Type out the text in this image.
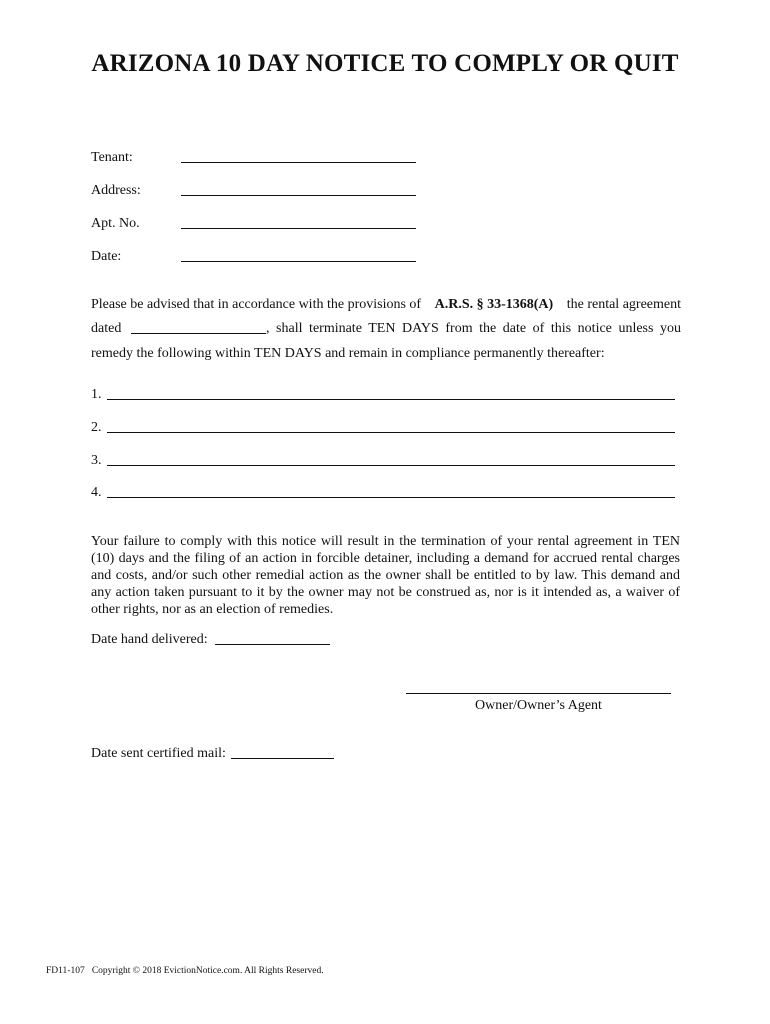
ARIZONA 10 DAY NOTICE TO COMPLY OR QUIT
Tenant:
Address:
Apt. No.
Date:
Please be advised that in accordance with the provisions of A.R.S. § 33-1368(A) the rental agreement
dated	, shall terminate TEN DAYS from the date of this notice unless you
remedy the following within TEN DAYS and remain in compliance permanently thereafter:
1.
2.
3.
4.
Your failure to comply with this notice will result in the termination of your rental agreement in TEN (10) days and the filing of an action in forcible detainer, including a demand for accrued rental charges and costs, and/or such other remedial action as the owner shall be entitled to by law. This demand and any action taken pursuant to it by the owner may not be construed as, nor is it intended as, a waiver of other rights, nor as an election of remedies.
Date hand delivered:
Owner/Owner’s Agent
Date sent certified mail:
FD11-107   Copyright © 2018 EvictionNotice.com. All Rights Reserved.
